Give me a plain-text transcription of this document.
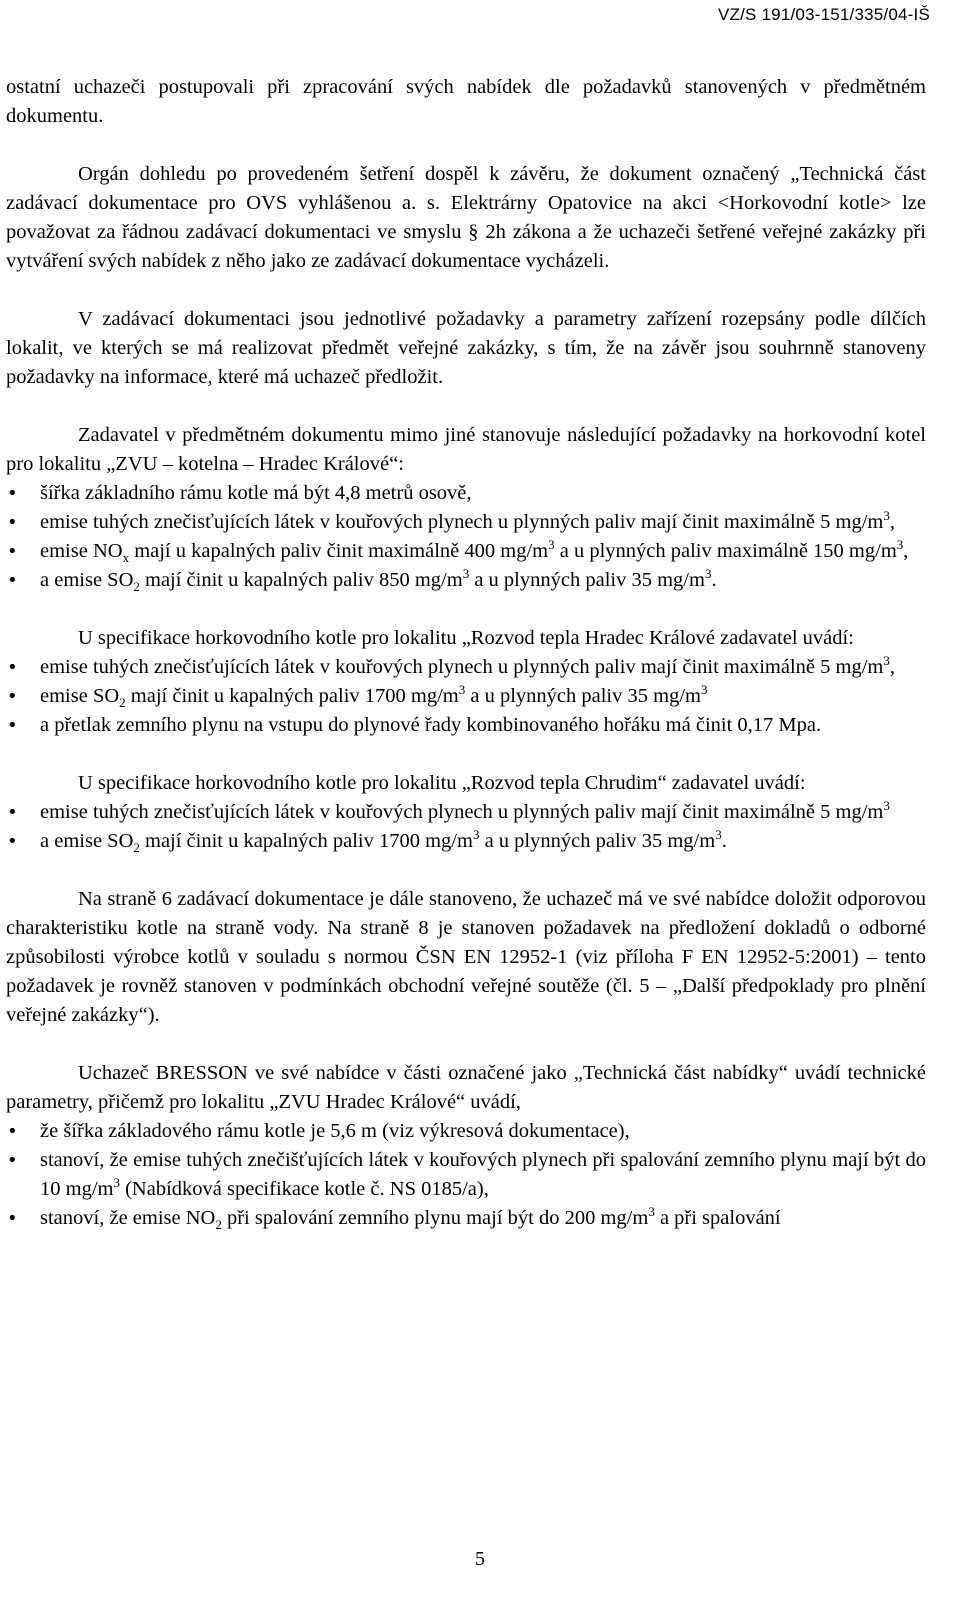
VZ/S 191/03-151/335/04-IŠ

ostatní uchazeči postupovali při zpracování svých nabídek dle požadavků stanovených v předmětném dokumentu.

Orgán dohledu po provedeném šetření dospěl k závěru, že dokument označený „Technická část zadávací dokumentace pro OVS vyhlášenou a. s. Elektrárny Opatovice na akci <Horkovodní kotle> lze považovat za řádnou zadávací dokumentaci ve smyslu § 2h zákona a že uchazeči šetřené veřejné zakázky při vytváření svých nabídek z něho jako ze zadávací dokumentace vycházeli.

V zadávací dokumentaci jsou jednotlivé požadavky a parametry zařízení rozepsány podle dílčích lokalit, ve kterých se má realizovat předmět veřejné zakázky, s tím, že na závěr jsou souhrnně stanoveny požadavky na informace, které má uchazeč předložit.

Zadavatel v předmětném dokumentu mimo jiné stanovuje následující požadavky na horkovodní kotel pro lokalitu „ZVU – kotelna – Hradec Králové“:

• šířka základního rámu kotle má být 4,8 metrů osově,
• emise tuhých znečisťujících látek v kouřových plynech u plynných paliv mají činit maximálně 5 $mg/m^3$,
• emise $NO_x$ mají u kapalných paliv činit maximálně 400 $mg/m^3$ a u plynných paliv maximálně 150 $mg/m^3$,
• a emise $SO_2$ mají činit u kapalných paliv 850 $mg/m^3$ a u plynných paliv 35 $mg/m^3$.

U specifikace horkovodního kotle pro lokalitu „Rozvod tepla Hradec Králové zadavatel uvádí:

• emise tuhých znečisťujících látek v kouřových plynech u plynných paliv mají činit maximálně 5 $mg/m^3$,
• emise $SO_2$ mají činit u kapalných paliv 1700 $mg/m^3$ a u plynných paliv 35 $mg/m^3$
• a přetlak zemního plynu na vstupu do plynové řady kombinovaného hořáku má činit 0,17 Mpa.

U specifikace horkovodního kotle pro lokalitu „Rozvod tepla Chrudim“ zadavatel uvádí:

• emise tuhých znečisťujících látek v kouřových plynech u plynných paliv mají činit maximálně 5 $mg/m^3$
• a emise $SO_2$ mají činit u kapalných paliv 1700 $mg/m^3$ a u plynných paliv 35 $mg/m^3$.

Na straně 6 zadávací dokumentace je dále stanoveno, že uchazeč má ve své nabídce doložit odporovou charakteristiku kotle na straně vody. Na straně 8 je stanoven požadavek na předložení dokladů o odborné způsobilosti výrobce kotlů v souladu s normou ČSN EN 12952-1 (viz příloha F EN 12952-5:2001) – tento požadavek je rovněž stanoven v podmínkách obchodní veřejné soutěže (čl. 5 – „Další předpoklady pro plnění veřejné zakázky“).

Uchazeč BRESSON ve své nabídce v části označené jako „Technická část nabídky“ uvádí technické parametry, přičemž pro lokalitu „ZVU Hradec Králové“ uvádí,

• že šířka základového rámu kotle je 5,6 m (viz výkresová dokumentace),
• stanoví, že emise tuhých znečišťujících látek v kouřových plynech při spalování zemního plynu mají být do 10 $mg/m^3$ (Nabídková specifikace kotle č. NS 0185/a),
• stanoví, že emise $NO_2$ při spalování zemního plynu mají být do 200 $mg/m^3$ a při spalování
5
